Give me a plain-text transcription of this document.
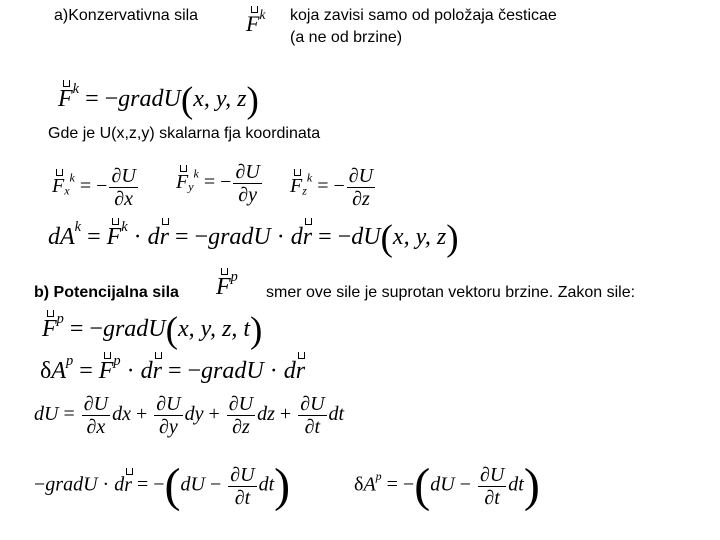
a)Konzervativna sila $F^k$ koja zavisi samo od položaja česticae
(a ne od brzine)
$F^k$ = −gradU(x, y, z)
Gde je U(x,z,y) skalarna fja koordinata
$F_x^k$ = − $\frac{\partial U}{\partial x} F_y^k$ = − $\frac{\partial U}{\partial y} F_z^k$ = − $\frac{\partial U}{\partial z}$
$dA^k = F^k$ · dr = −gradU · dr = −dU(x, y, z)
b) Potencijalna sila $F^p$
smer ove sile je suprotan vektoru brzine. Zakon sile:
$F^p$ = −gradU(x, y, z, t)
$\delta A^p = F^p$ · dr = −gradU · dr
dU = $\frac{\partial U}{\partial x}$ dx + $\frac{\partial U}{\partial y}$ dy + $\frac{\partial U}{\partial z}$ dz + $\frac{\partial U}{\partial t}$ dt
−gradU · dr = $-(dU - \frac{\partial U}{\partial t} dt)$	$\delta A^p = -(dU - \frac{\partial U}{\partial t} dt)$
